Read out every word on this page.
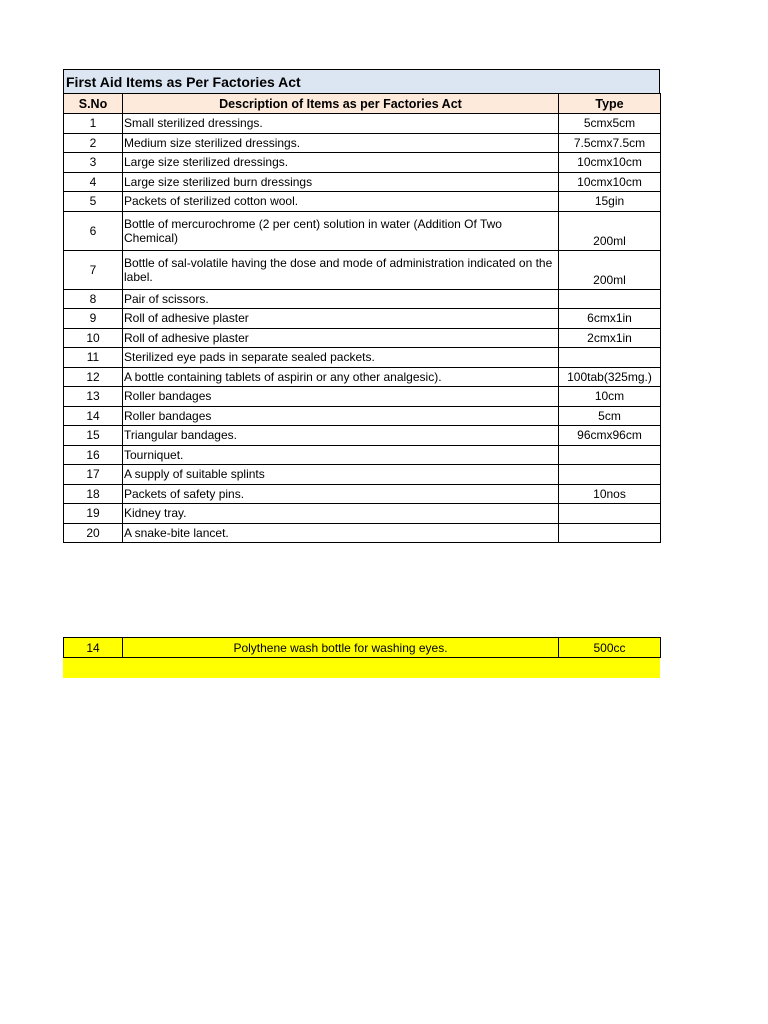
First Aid Items as Per Factories Act
S.No	Description of Items as per Factories Act	Type
1	Small sterilized dressings.	5cmx5cm
2	Medium size sterilized dressings.	7.5cmx7.5cm
3	Large size sterilized dressings.	10cmx10cm
4	Large size sterilized burn dressings	10cmx10cm
5	Packets of sterilized cotton wool.	15gin
6	Bottle of mercurochrome (2 per cent) solution in water (Addition Of Two Chemical)	200ml
7	Bottle of sal-volatile having the dose and mode of administration indicated on the label.	200ml
8	Pair of scissors.	
9	Roll of adhesive plaster	6cmx1in
10	Roll of adhesive plaster	2cmx1in
11	Sterilized eye pads in separate sealed packets.	
12	A bottle containing tablets of aspirin or any other analgesic).	100tab(325mg.)
13	Roller bandages	10cm
14	Roller bandages	5cm
15	Triangular bandages.	96cmx96cm
16	Tourniquet.	
17	A supply of suitable splints	
18	Packets of safety pins.	10nos
19	Kidney tray.	
20	A snake-bite lancet.	
14	Polythene wash bottle for washing eyes.	500cc
